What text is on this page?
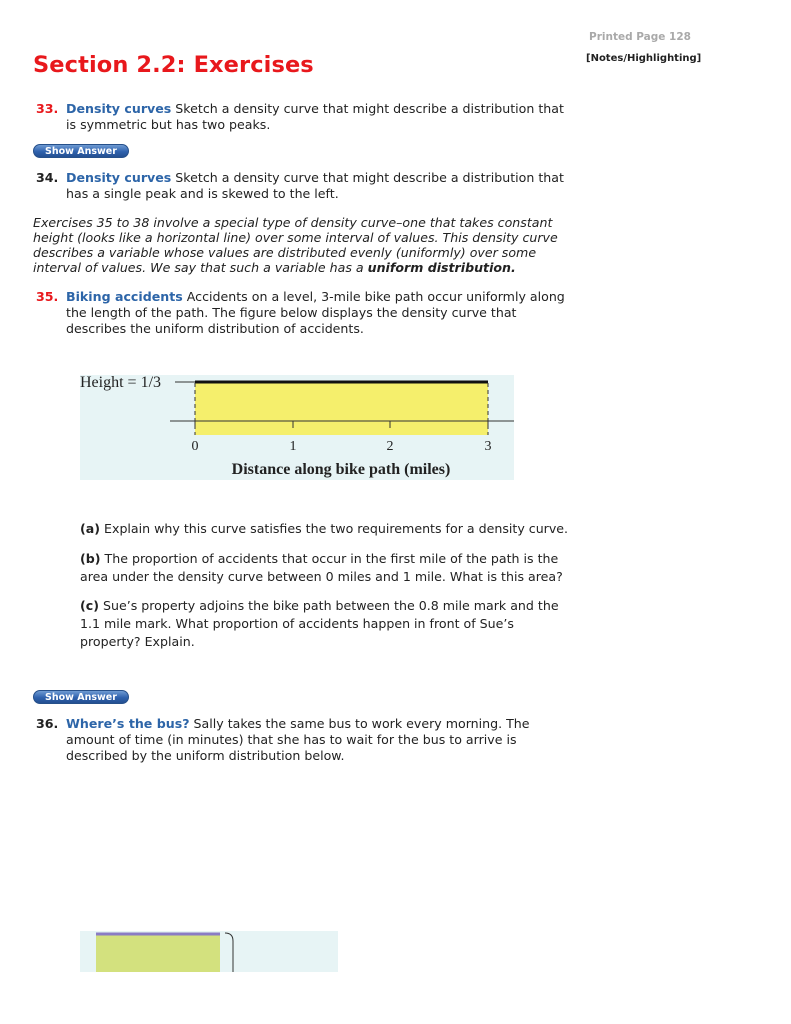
Printed Page 128
[Notes/Highlighting]
Section 2.2: Exercises
33. Density curves Sketch a density curve that might describe a distribution that is symmetric but has two peaks.
Show Answer
34. Density curves Sketch a density curve that might describe a distribution that has a single peak and is skewed to the left.
Exercises 35 to 38 involve a special type of density curve–one that takes constant height (looks like a horizontal line) over some interval of values. This density curve describes a variable whose values are distributed evenly (uniformly) over some interval of values. We say that such a variable has a uniform distribution.
35. Biking accidents Accidents on a level, 3-mile bike path occur uniformly along the length of the path. The figure below displays the density curve that describes the uniform distribution of accidents.
Height = 1/3
0	1	2	3
Distance along bike path (miles)
(a) Explain why this curve satisfies the two requirements for a density curve.
(b) The proportion of accidents that occur in the first mile of the path is the area under the density curve between 0 miles and 1 mile. What is this area?
(c) Sue’s property adjoins the bike path between the 0.8 mile mark and the 1.1 mile mark. What proportion of accidents happen in front of Sue’s property? Explain.
Show Answer
36. Where’s the bus? Sally takes the same bus to work every morning. The amount of time (in minutes) that she has to wait for the bus to arrive is described by the uniform distribution below.
